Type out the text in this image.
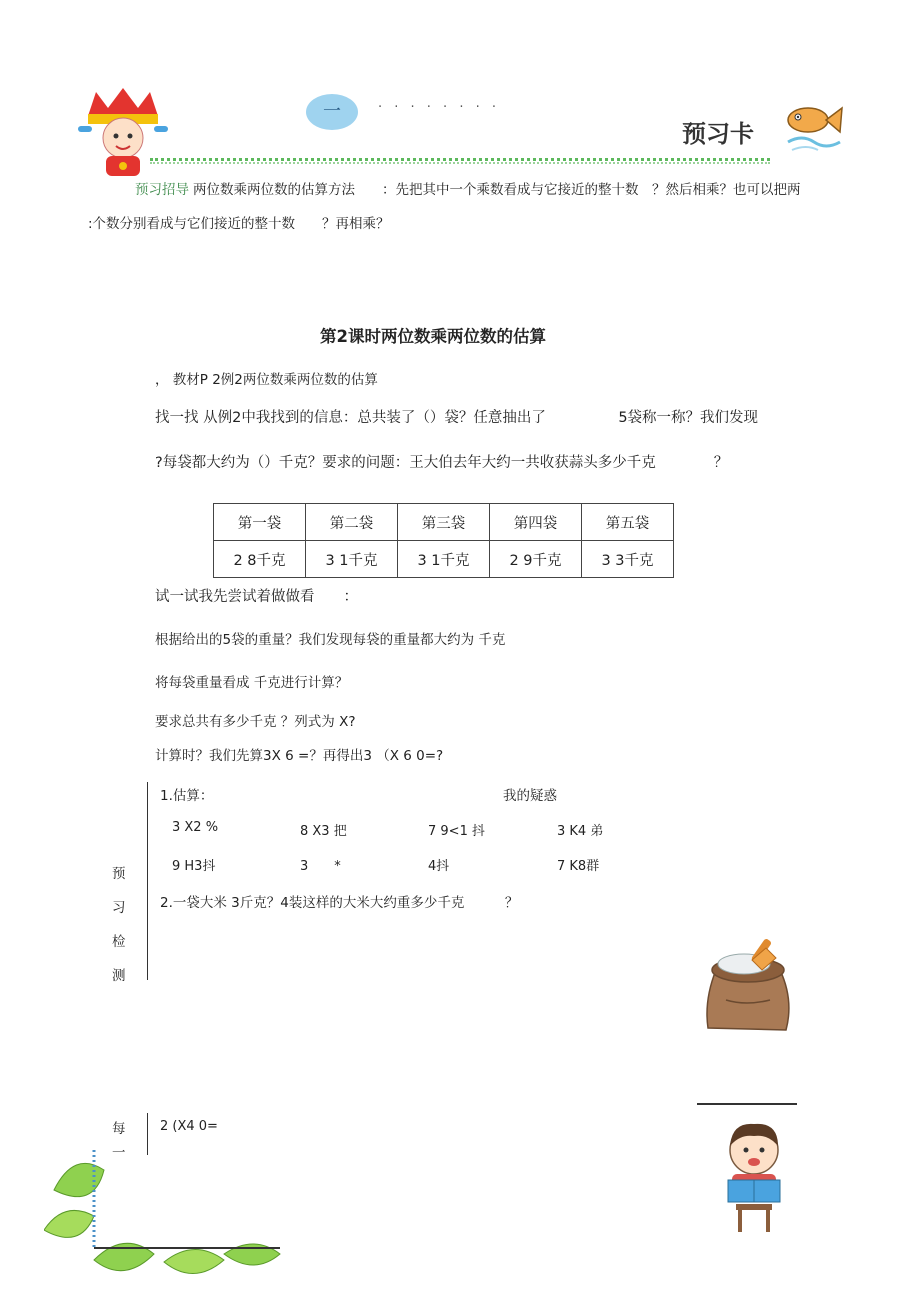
一	· · · · · · · ·
预习卡
预习招导 两位数乘两位数的估算方法　　：先把其中一个乘数看成与它接近的整十数　？然后相乘？也可以把两
:个数分别看成与它们接近的整十数　　？再相乘？
第2课时两位数乘两位数的估算
， 教材P 2例2两位数乘两位数的估算
找一找 从例2中我找到的信息：总共装了（）袋？任意抽出了　　　　　5袋称一称？我们发现
?每袋都大约为（）千克？要求的问题：王大伯去年大约一共收获蒜头多少千克　　　　？
第一袋	第二袋	第三袋	第四袋	第五袋
2 8千克	3 1千克	3 1千克	2 9千克	3 3千克
试一试我先尝试着做做看　　：
根据给出的5袋的重量？我们发现每袋的重量都大约为 千克
将每袋重量看成 千克进行计算？
要求总共有多少千克 ？列式为 X?
计算时？我们先算3X 6 =？再得出3 （X 6 0=?
预
习
检
测
1.估算：	我的疑惑
3 X2 %	8 X3 把	7 9<1 抖	3 K4 弟
9 H3抖	3　　*	4抖	7 K8群
2.一袋大米 3斤克？4装这样的大米大约重多少千克　　　？
每
一
2 (X4 0=
